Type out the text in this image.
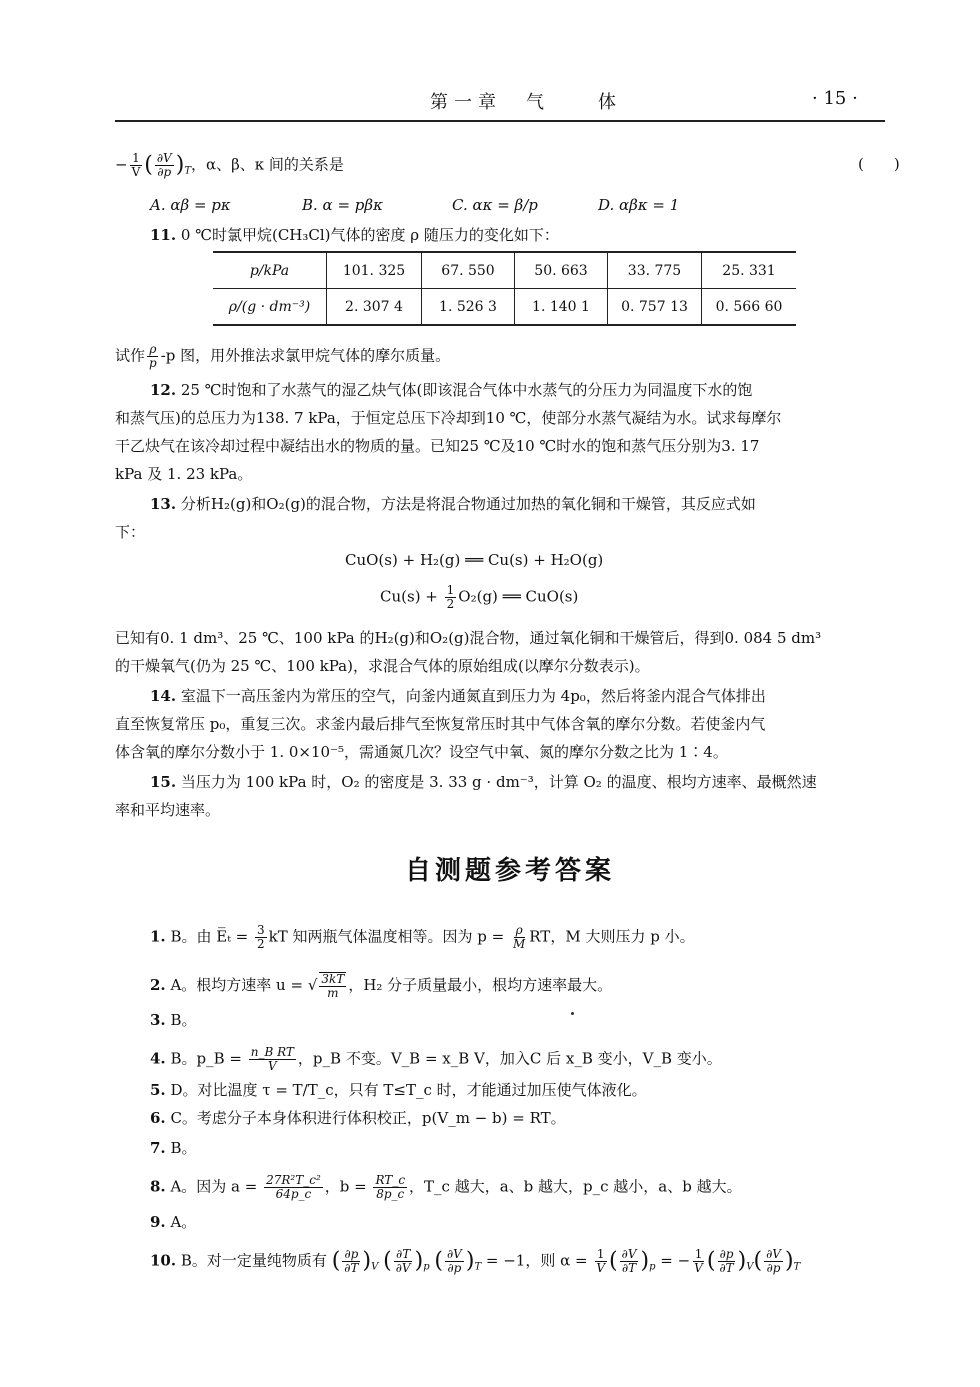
第一章　气　　体	· 15 ·
− $\frac{1}{V}$ ( $\frac{\partial V}{\partial p} )_T$，α、β、κ 间的关系是	(　　)
A. αβ = pκ	B. α = pβκ	C. ακ = β/p	D. αβκ = 1
11. 0 ℃时氯甲烷(CH₃Cl)气体的密度 ρ 随压力的变化如下：
p/kPa	101. 325	67. 550	50. 663	33. 775	25. 331
ρ/(g · dm⁻³)	2. 307 4	1. 526 3	1. 140 1	0. 757 13	0. 566 60
试作 $\frac{\rho}{p} -p$ 图，用外推法求氯甲烷气体的摩尔质量。
12. 25 ℃时饱和了水蒸气的湿乙炔气体(即该混合气体中水蒸气的分压力为同温度下水的饱
和蒸气压)的总压力为138. 7 kPa，于恒定总压下冷却到10 ℃，使部分水蒸气凝结为水。试求每摩尔
干乙炔气在该冷却过程中凝结出水的物质的量。已知25 ℃及10 ℃时水的饱和蒸气压分别为3. 17
kPa 及 1. 23 kPa。
13. 分析H₂(g)和O₂(g)的混合物，方法是将混合物通过加热的氧化铜和干燥管，其反应式如
下：
CuO(s) + H₂(g) ══ Cu(s) + H₂O(g)
$Cu(s) + \frac{1}{2} O_2(g)$ ══ CuO(s)
已知有0. 1 dm³、25 ℃、100 kPa 的H₂(g)和O₂(g)混合物，通过氧化铜和干燥管后，得到0. 084 5 dm³
的干燥氧气(仍为 25 ℃、100 kPa)，求混合气体的原始组成(以摩尔分数表示)。
14. 室温下一高压釜内为常压的空气，向釜内通氮直到压力为 4p₀，然后将釜内混合气体排出
直至恢复常压 p₀，重复三次。求釜内最后排气至恢复常压时其中气体含氧的摩尔分数。若使釜内气
体含氧的摩尔分数小于 1. 0×10⁻⁵，需通氮几次？设空气中氧、氮的摩尔分数之比为 1∶4。
15. 当压力为 100 kPa 时，O₂ 的密度是 3. 33 g · dm⁻³，计算 O₂ 的温度、根均方速率、最概然速
率和平均速率。
自测题参考答案
1. B。由 E̅ₜ = $\frac{3}{2}$ kT 知两瓶气体温度相等。因为 $p = \frac{\rho}{M}$ RT，M 大则压力 p 小。
2. A。根均方速率 u = √ $\frac{3kT}{m}$ ，H₂ 分子质量最小，根均方速率最大。
3. B。
4. B。p_B = $\frac{\text{n\_B RT}}{V}$ ，p_B 不变。V_B = x_B V，加入C 后 x_B 变小，V_B 变小。
5. D。对比温度 τ = T/T_c，只有 T≤T_c 时，才能通过加压使气体液化。
6. C。考虑分子本身体积进行体积校正，p(V_m − b) = RT。
7. B。
8. A。因为 $a = \frac{\text{27R²T\_c²}}{64p\_c}$ ，$b = \frac{RT\_c}{8p\_c}$ ，T_c 越大，a、b 越大，p_c 越小，a、b 越大。
9. A。
10. B。对一定量纯物质有 ( $\frac{\partial p}{\partial T} )_V$ ( $\frac{\partial T}{\partial V} )_p$ ( $\frac{\partial V}{\partial p} )_T = -1$，则 $\alpha = \frac{1}{V}$ ( $\frac{\partial V}{\partial T} )_p$ = − $\frac{1}{V}$ ( $\frac{\partial p}{\partial T} )_V( \frac{\partial V}{\partial p} )_T$
